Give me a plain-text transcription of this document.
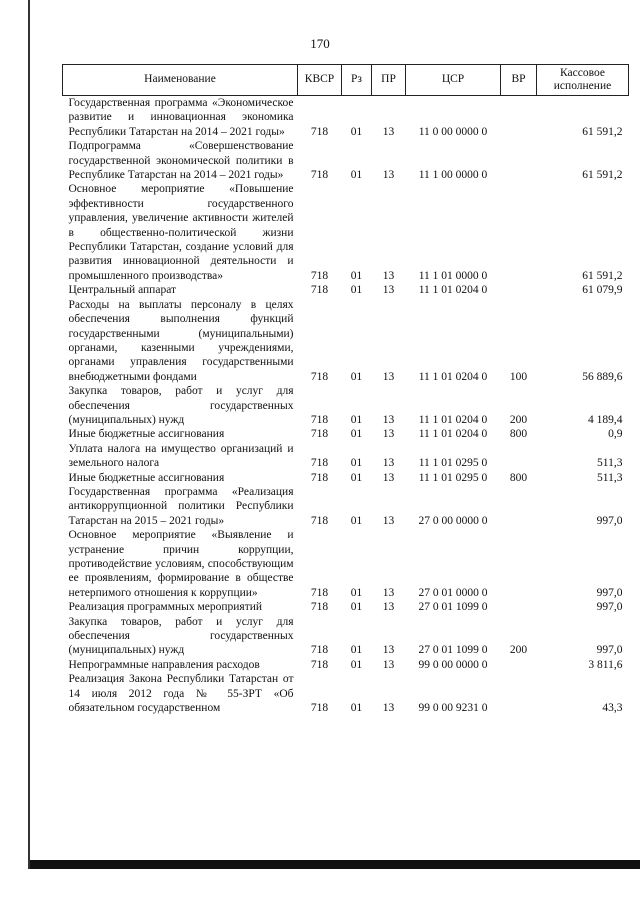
170
Наименование	КВСР	Рз	ПР	ЦСР	ВР	Кассовое исполнение
Государственная программа «Экономическое развитие и инновационная экономика Республики Татарстан на 2014 – 2021 годы»	718	01	13	11 0 00 0000 0		61 591,2
Подпрограмма «Совершенствование государственной экономической политики в Республике Татарстан на 2014 – 2021 годы»	718	01	13	11 1 00 0000 0		61 591,2
Основное мероприятие «Повышение эффективности государственного управления, увеличение активности жителей в общественно-политической жизни Республики Татарстан, создание условий для развития инновационной деятельности и промышленного производства»	718	01	13	11 1 01 0000 0		61 591,2
Центральный аппарат	718	01	13	11 1 01 0204 0		61 079,9
Расходы на выплаты персоналу в целях обеспечения выполнения функций государственными (муниципальными) органами, казенными учреждениями, органами управления государственными внебюджетными фондами	718	01	13	11 1 01 0204 0	100	56 889,6
Закупка товаров, работ и услуг для обеспечения государственных (муниципальных) нужд	718	01	13	11 1 01 0204 0	200	4 189,4
Иные бюджетные ассигнования	718	01	13	11 1 01 0204 0	800	0,9
Уплата налога на имущество организаций и земельного налога	718	01	13	11 1 01 0295 0		511,3
Иные бюджетные ассигнования	718	01	13	11 1 01 0295 0	800	511,3
Государственная программа «Реализация антикоррупционной политики Республики Татарстан на 2015 – 2021 годы»	718	01	13	27 0 00 0000 0		997,0
Основное мероприятие «Выявление и устранение причин коррупции, противодействие условиям, способствующим ее проявлениям, формирование в обществе нетерпимого отношения к коррупции»	718	01	13	27 0 01 0000 0		997,0
Реализация программных мероприятий	718	01	13	27 0 01 1099 0		997,0
Закупка товаров, работ и услуг для обеспечения государственных (муниципальных) нужд	718	01	13	27 0 01 1099 0	200	997,0
Непрограммные направления расходов	718	01	13	99 0 00 0000 0		3 811,6
Реализация Закона Республики Татарстан от 14 июля 2012 года № 55-ЗРТ «Об обязательном государственном	718	01	13	99 0 00 9231 0		43,3
